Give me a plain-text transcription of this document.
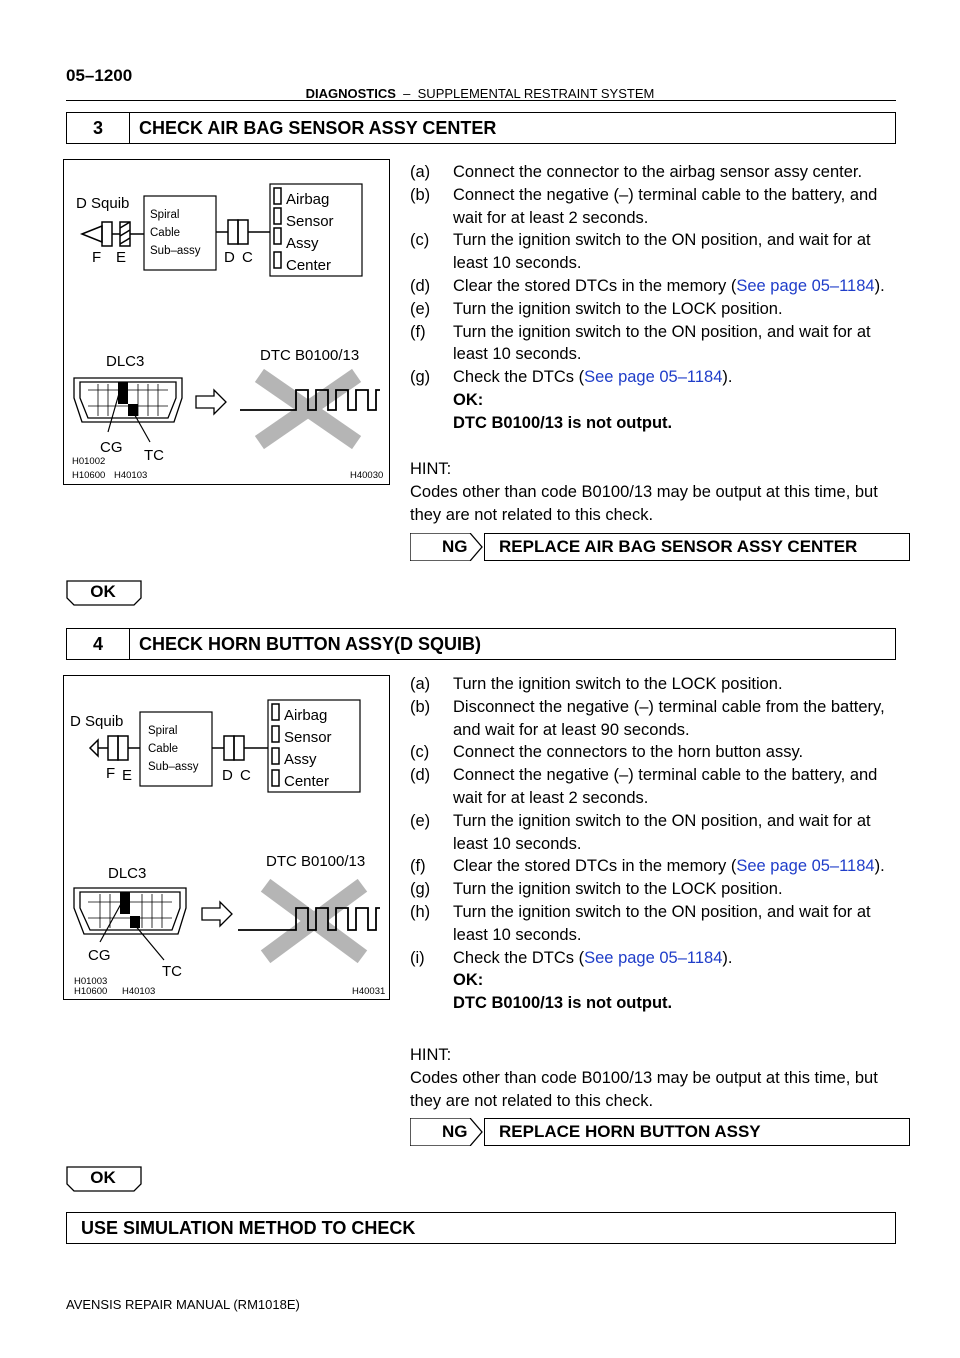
05–1200
DIAGNOSTICS – SUPPLEMENTAL RESTRAINT SYSTEM
3	CHECK AIR BAG SENSOR ASSY CENTER
D Squib
F E
Spiral
Cable
Sub–assy D C
Airbag
Sensor
Assy
Center
DLC3	DTC B0100/13
CG TC
H01002
H10600 H40103	H40030
(a) Connect the connector to the airbag sensor assy center.
(b) Connect the negative (–) terminal cable to the battery, and wait for at least 2 seconds.
(c) Turn the ignition switch to the ON position, and wait for at least 10 seconds.
(d) Clear the stored DTCs in the memory (See page 05–1184).
(e) Turn the ignition switch to the LOCK position.
(f) Turn the ignition switch to the ON position, and wait for at least 10 seconds.
(g) Check the DTCs (See page 05–1184).
OK:
DTC B0100/13 is not output.
HINT:
Codes other than code B0100/13 may be output at this time, but they are not related to this check.
NG	REPLACE AIR BAG SENSOR ASSY CENTER
OK
4	CHECK HORN BUTTON ASSY(D SQUIB)
D Squib
F E
Spiral
Cable
Sub–assy D C
Airbag
Sensor
Assy
Center
DLC3
DTC B0100/13
CG
TC
H01003
H10600 H40103	H40031
(a) Turn the ignition switch to the LOCK position.
(b) Disconnect the negative (–) terminal cable from the battery, and wait for at least 90 seconds.
(c) Connect the connectors to the horn button assy.
(d) Connect the negative (–) terminal cable to the battery, and wait for at least 2 seconds.
(e) Turn the ignition switch to the ON position, and wait for at least 10 seconds.
(f) Clear the stored DTCs in the memory (See page 05–1184).
(g) Turn the ignition switch to the LOCK position.
(h) Turn the ignition switch to the ON position, and wait for at least 10 seconds.
(i) Check the DTCs (See page 05–1184).
OK:
DTC B0100/13 is not output.
HINT:
Codes other than code B0100/13 may be output at this time, but they are not related to this check.
NG	REPLACE HORN BUTTON ASSY
OK
USE SIMULATION METHOD TO CHECK
AVENSIS REPAIR MANUAL (RM1018E)
